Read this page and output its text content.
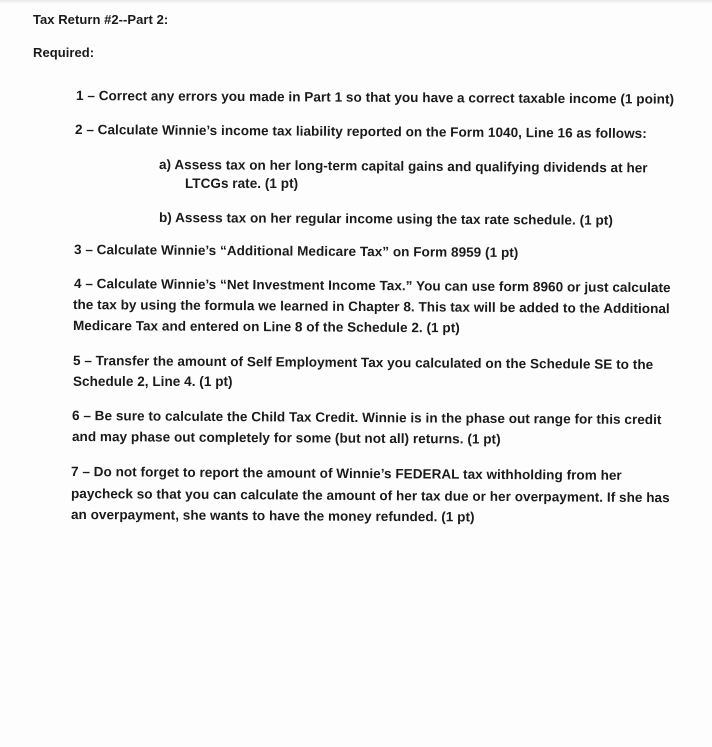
Tax Return #2--Part 2:
Required:
1 – Correct any errors you made in Part 1 so that you have a correct taxable income (1 point)
2 – Calculate Winnie’s income tax liability reported on the Form 1040, Line 16 as follows:
a) Assess tax on her long-term capital gains and qualifying dividends at her
LTCGs rate. (1 pt)
b) Assess tax on her regular income using the tax rate schedule. (1 pt)
3 – Calculate Winnie’s “Additional Medicare Tax” on Form 8959 (1 pt)
4 – Calculate Winnie’s “Net Investment Income Tax.” You can use form 8960 or just calculate
the tax by using the formula we learned in Chapter 8. This tax will be added to the Additional
Medicare Tax and entered on Line 8 of the Schedule 2. (1 pt)
5 – Transfer the amount of Self Employment Tax you calculated on the Schedule SE to the
Schedule 2, Line 4. (1 pt)
6 – Be sure to calculate the Child Tax Credit. Winnie is in the phase out range for this credit
and may phase out completely for some (but not all) returns. (1 pt)
7 – Do not forget to report the amount of Winnie’s FEDERAL tax withholding from her
paycheck so that you can calculate the amount of her tax due or her overpayment. If she has
an overpayment, she wants to have the money refunded. (1 pt)
